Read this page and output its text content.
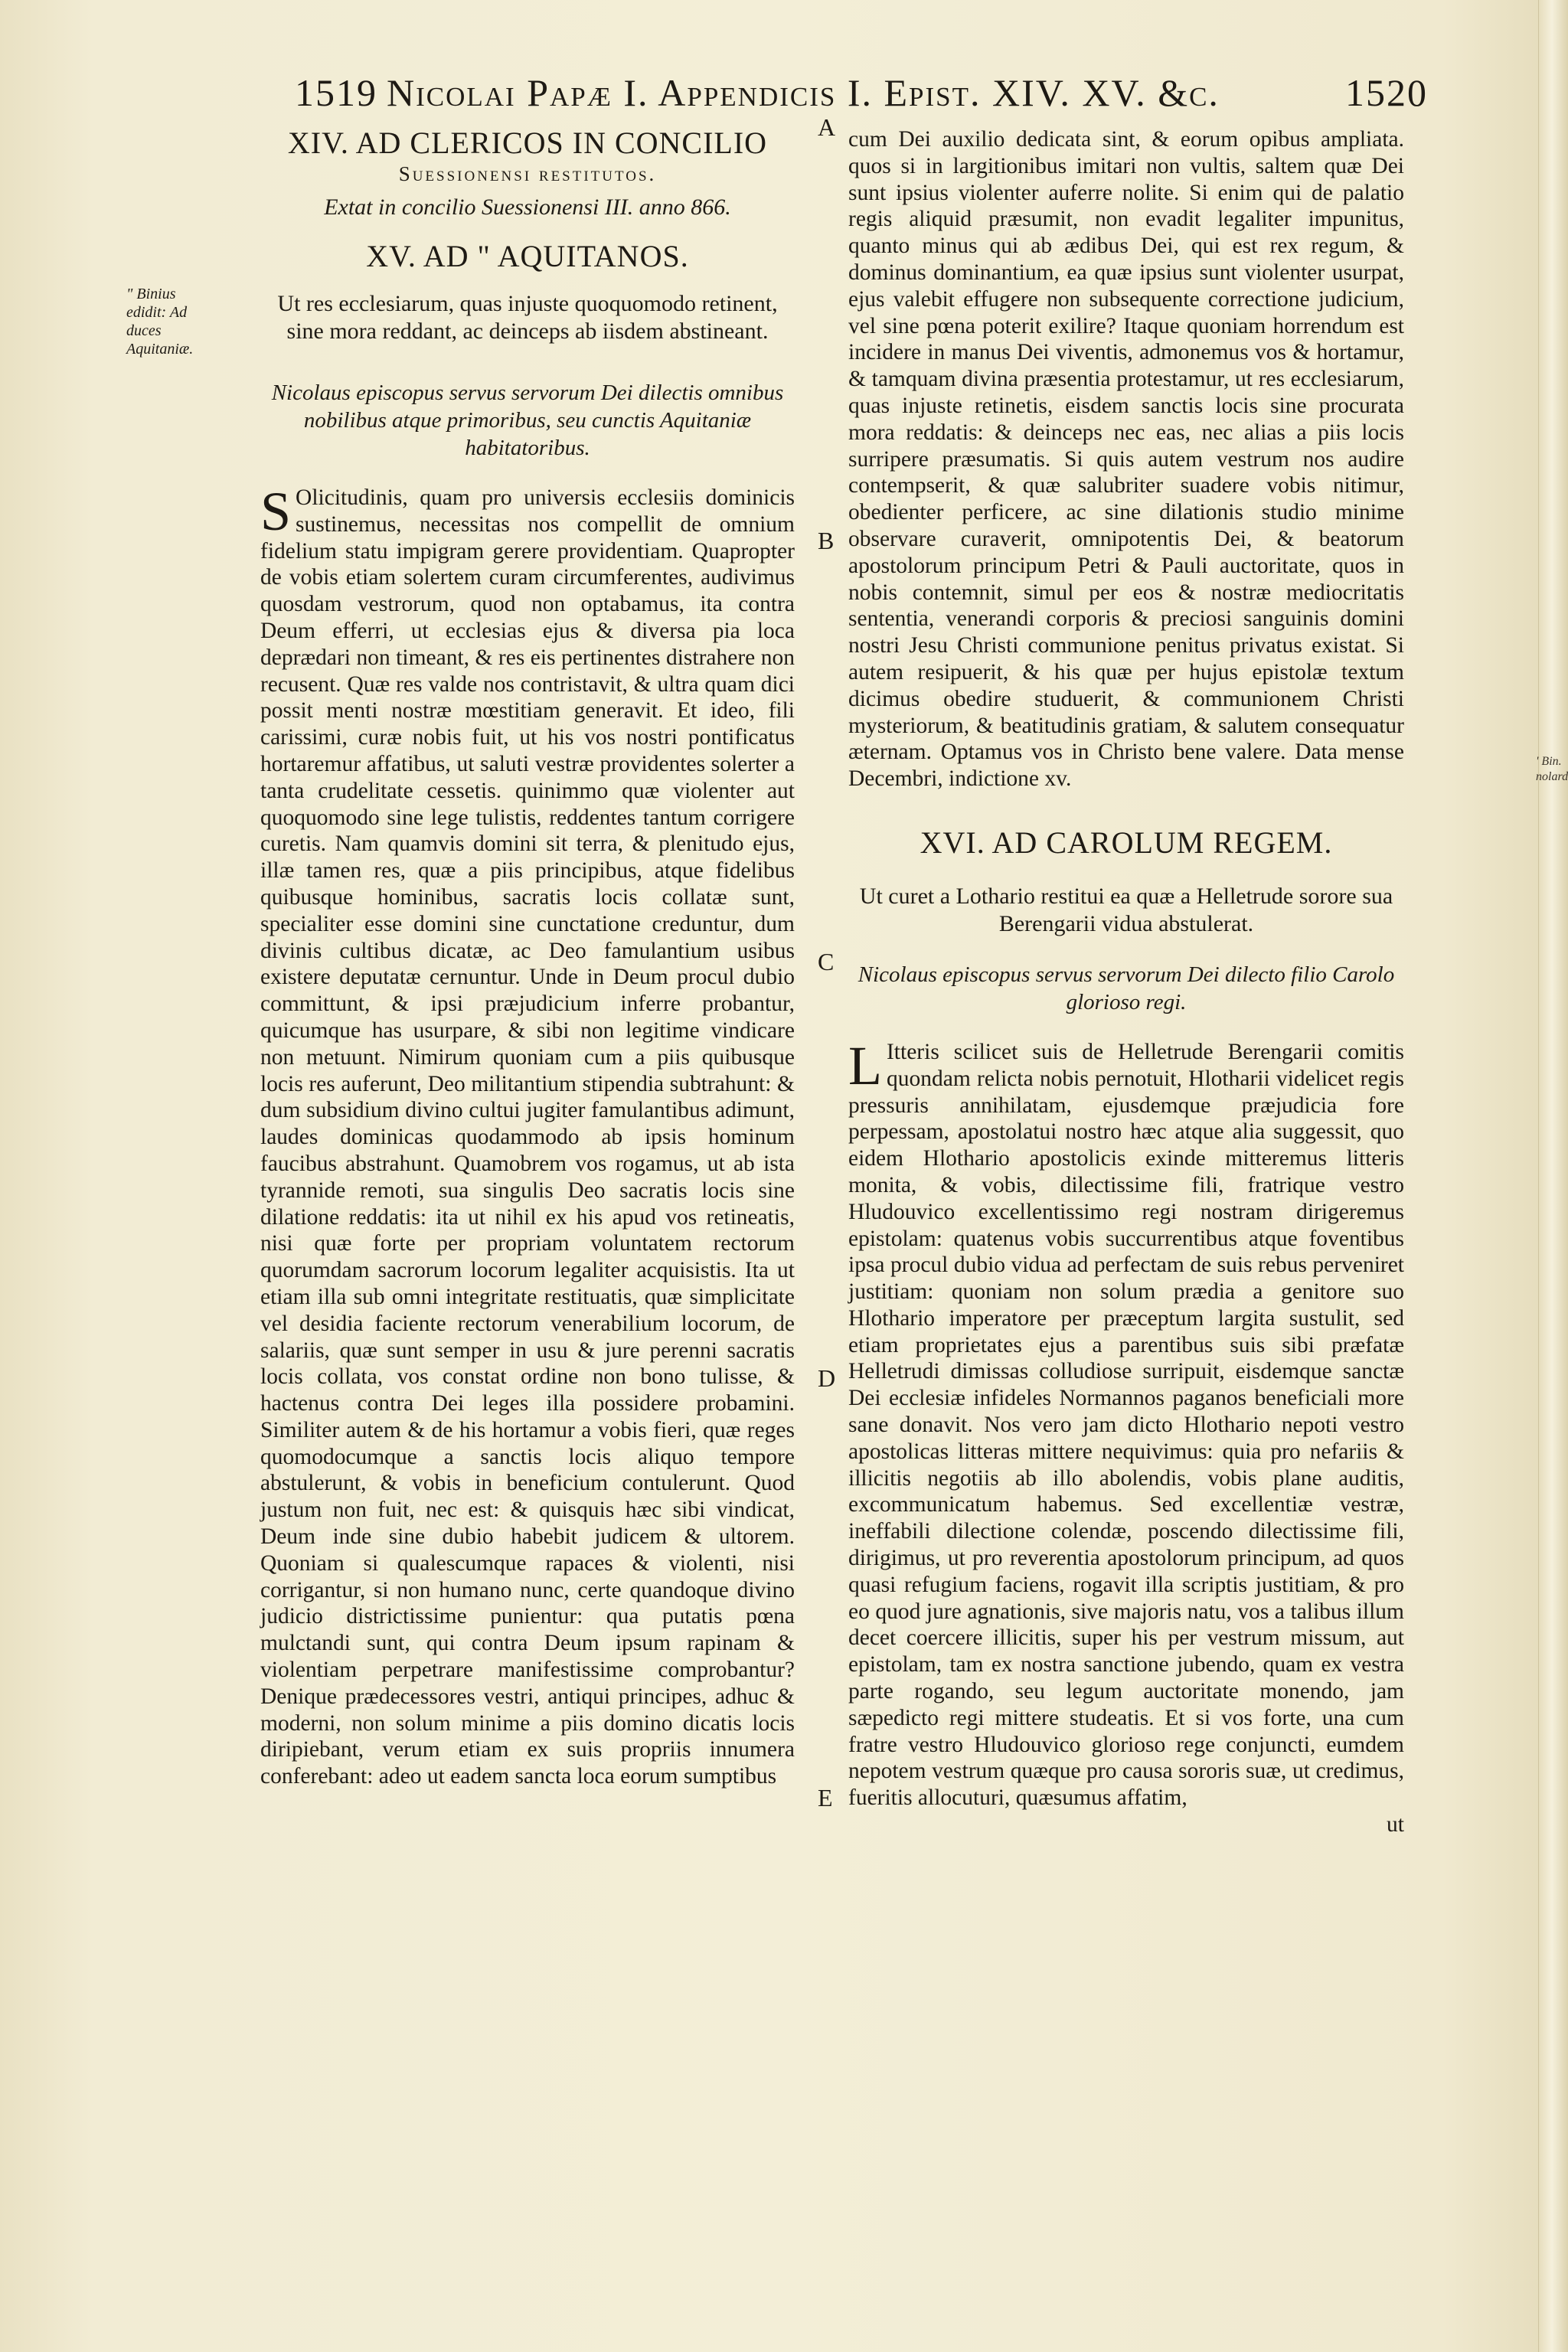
1519 Nicolai Papæ I. Appendicis I. Epist. XIV. XV. &c.	1520
" Binius edidit: Ad duces Aquitaniæ.
' Bin. nolard
A
B
C
D
E
XIV. AD CLERICOS IN CONCILIO
Suessionensi restitutos.
Extat in concilio Suessionensi III. anno 866.
XV. AD " AQUITANOS.
Ut res ecclesiarum, quas injuste quoquomodo retinent, sine mora reddant, ac deinceps ab iisdem abstineant.
Nicolaus episcopus servus servorum Dei dilectis omnibus nobilibus atque primoribus, seu cunctis Aquitaniæ habitatoribus.
S Olicitudinis, quam pro universis ecclesiis dominicis sustinemus, necessitas nos compellit de omnium fidelium statu impigram gerere providentiam. Quapropter de vobis etiam solertem curam circumferentes, audivimus quosdam vestrorum, quod non optabamus, ita contra Deum efferri, ut ecclesias ejus & diversa pia loca deprædari non timeant, & res eis pertinentes distrahere non recusent. Quæ res valde nos contristavit, & ultra quam dici possit menti nostræ mœstitiam generavit. Et ideo, fili carissimi, curæ nobis fuit, ut his vos nostri pontificatus hortaremur affatibus, ut saluti vestræ providentes solerter a tanta crudelitate cessetis. quinimmo quæ violenter aut quoquomodo sine lege tulistis, reddentes tantum corrigere curetis. Nam quamvis domini sit terra, & plenitudo ejus, illæ tamen res, quæ a piis principibus, atque fidelibus quibusque hominibus, sacratis locis collatæ sunt, specialiter esse domini sine cunctatione creduntur, dum divinis cultibus dicatæ, ac Deo famulantium usibus existere deputatæ cernuntur. Unde in Deum procul dubio committunt, & ipsi præjudicium inferre probantur, quicumque has usurpare, & sibi non legitime vindicare non metuunt. Nimirum quoniam cum a piis quibusque locis res auferunt, Deo militantium stipendia subtrahunt: & dum subsidium divino cultui jugiter famulantibus adimunt, laudes dominicas quodammodo ab ipsis hominum faucibus abstrahunt. Quamobrem vos rogamus, ut ab ista tyrannide remoti, sua singulis Deo sacratis locis sine dilatione reddatis: ita ut nihil ex his apud vos retineatis, nisi quæ forte per propriam voluntatem rectorum quorumdam sacrorum locorum legaliter acquisistis. Ita ut etiam illa sub omni integritate restituatis, quæ simplicitate vel desidia faciente rectorum venerabilium locorum, de salariis, quæ sunt semper in usu & jure perenni sacratis locis collata, vos constat ordine non bono tulisse, & hactenus contra Dei leges illa possidere probamini. Similiter autem & de his hortamur a vobis fieri, quæ reges quomodocumque a sanctis locis aliquo tempore abstulerunt, & vobis in beneficium contulerunt. Quod justum non fuit, nec est: & quisquis hæc sibi vindicat, Deum inde sine dubio habebit judicem & ultorem. Quoniam si qualescumque rapaces & violenti, nisi corrigantur, si non humano nunc, certe quandoque divino judicio districtissime punientur: qua putatis pœna mulctandi sunt, qui contra Deum ipsum rapinam & violentiam perpetrare manifestissime comprobantur? Denique prædecessores vestri, antiqui principes, adhuc & moderni, non solum minime a piis domino dicatis locis diripiebant, verum etiam ex suis propriis innumera conferebant: adeo ut eadem sancta loca eorum sumptibus
cum Dei auxilio dedicata sint, & eorum opibus ampliata. quos si in largitionibus imitari non vultis, saltem quæ Dei sunt ipsius violenter auferre nolite. Si enim qui de palatio regis aliquid præsumit, non evadit legaliter impunitus, quanto minus qui ab ædibus Dei, qui est rex regum, & dominus dominantium, ea quæ ipsius sunt violenter usurpat, ejus valebit effugere non subsequente correctione judicium, vel sine pœna poterit exilire? Itaque quoniam horrendum est incidere in manus Dei viventis, admonemus vos & hortamur, & tamquam divina præsentia protestamur, ut res ecclesiarum, quas injuste retinetis, eisdem sanctis locis sine procurata mora reddatis: & deinceps nec eas, nec alias a piis locis surripere præsumatis. Si quis autem vestrum nos audire contempserit, & quæ salubriter suadere vobis nitimur, obedienter perficere, ac sine dilationis studio minime observare curaverit, omnipotentis Dei, & beatorum apostolorum principum Petri & Pauli auctoritate, quos in nobis contemnit, simul per eos & nostræ mediocritatis sententia, venerandi corporis & preciosi sanguinis domini nostri Jesu Christi communione penitus privatus existat. Si autem resipuerit, & his quæ per hujus epistolæ textum dicimus obedire studuerit, & communionem Christi mysteriorum, & beatitudinis gratiam, & salutem consequatur æternam. Optamus vos in Christo bene valere. Data mense Decembri, indictione xv.
XVI. AD CAROLUM REGEM.
Ut curet a Lothario restitui ea quæ a Helletrude sorore sua Berengarii vidua abstulerat.
Nicolaus episcopus servus servorum Dei dilecto filio Carolo glorioso regi.
L Itteris scilicet suis de Helletrude Berengarii comitis quondam relicta nobis pernotuit, Hlotharii videlicet regis pressuris annihilatam, ejusdemque præjudicia fore perpessam, apostolatui nostro hæc atque alia suggessit, quo eidem Hlothario apostolicis exinde mitteremus litteris monita, & vobis, dilectissime fili, fratrique vestro Hludouvico excellentissimo regi nostram dirigeremus epistolam: quatenus vobis succurrentibus atque foventibus ipsa procul dubio vidua ad perfectam de suis rebus perveniret justitiam: quoniam non solum prædia a genitore suo Hlothario imperatore per præceptum largita sustulit, sed etiam proprietates ejus a parentibus suis sibi præfatæ Helletrudi dimissas colludiose surripuit, eisdemque sanctæ Dei ecclesiæ infideles Normannos paganos beneficiali more sane donavit. Nos vero jam dicto Hlothario nepoti vestro apostolicas litteras mittere nequivimus: quia pro nefariis & illicitis negotiis ab illo abolendis, vobis plane auditis, excommunicatum habemus. Sed excellentiæ vestræ, ineffabili dilectione colendæ, poscendo dilectissime fili, dirigimus, ut pro reverentia apostolorum principum, ad quos quasi refugium faciens, rogavit illa scriptis justitiam, & pro eo quod jure agnationis, sive majoris natu, vos a talibus illum decet coercere illicitis, super his per vestrum missum, aut epistolam, tam ex nostra sanctione jubendo, quam ex vestra parte rogando, seu legum auctoritate monendo, jam sæpedicto regi mittere studeatis. Et si vos forte, una cum fratre vestro Hludouvico glorioso rege conjuncti, eumdem nepotem vestrum quæque pro causa sororis suæ, ut credimus, fueritis allocuturi, quæsumus affatim,
ut
